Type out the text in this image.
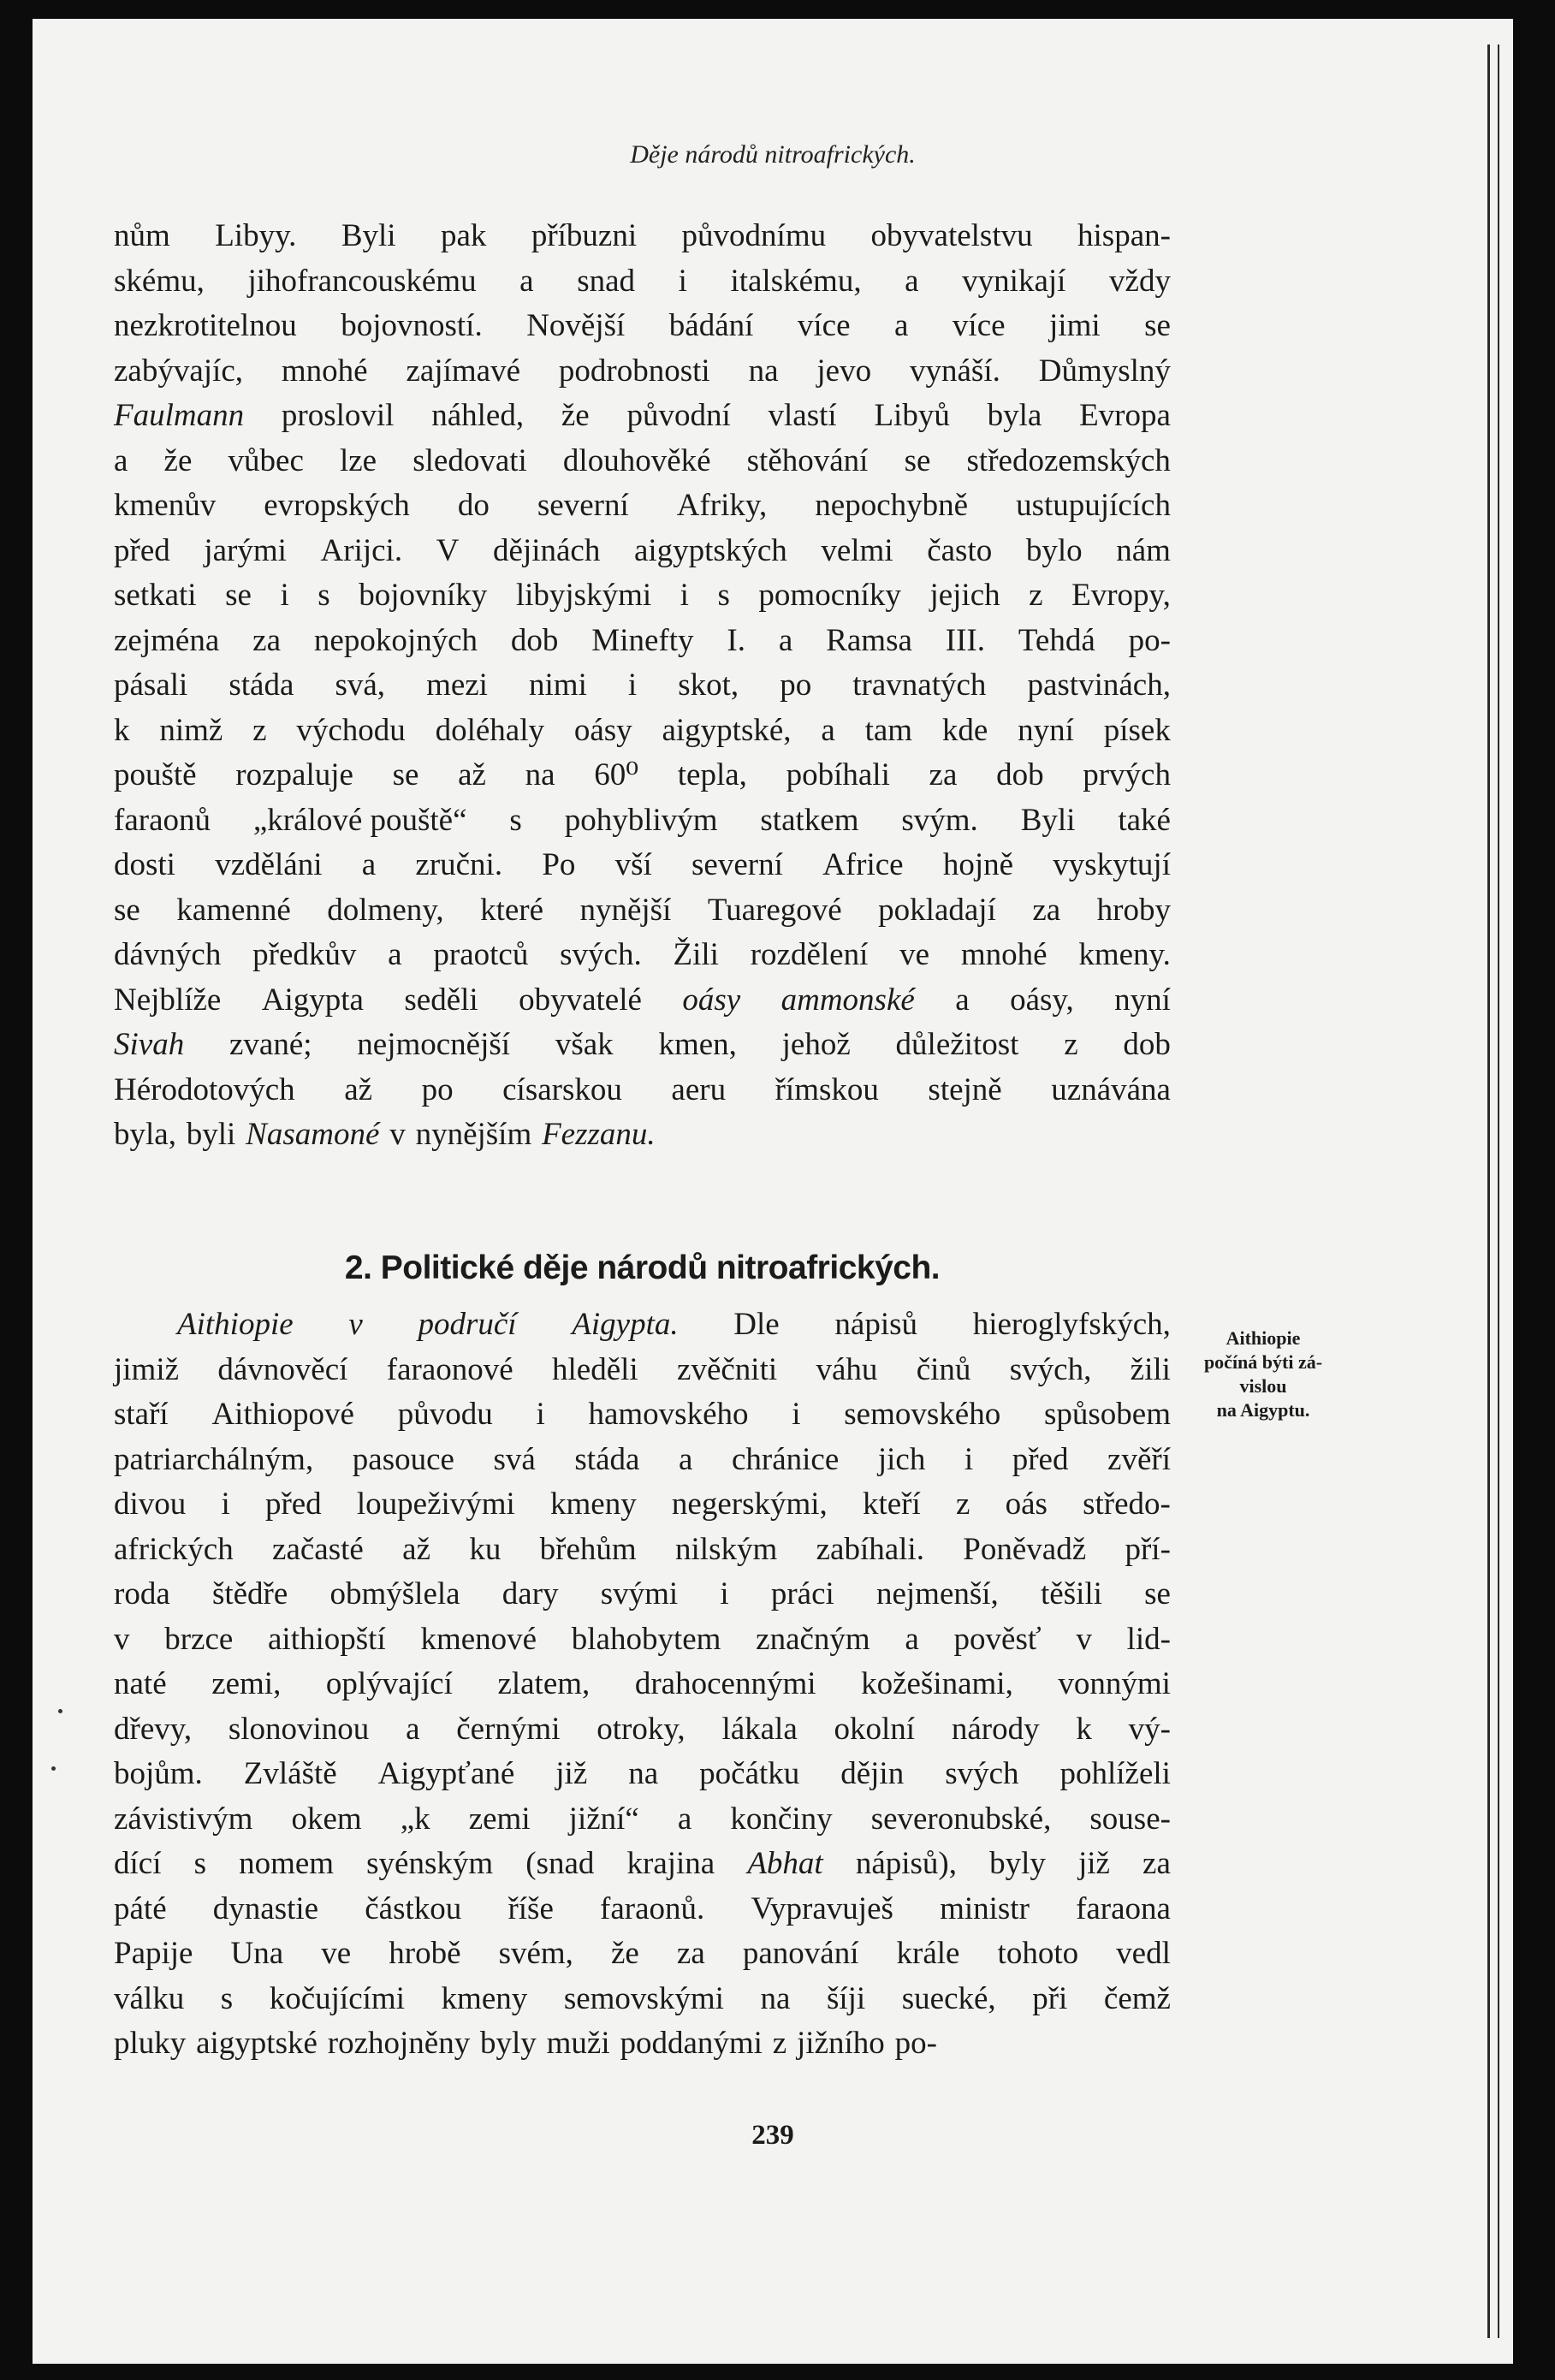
Děje národů nitroafrických.
nům Libyy. Byli pak příbuzni původnímu obyvatelstvu hispan-
skému, jihofrancouskému a snad i italskému, a vynikají vždy
nezkrotitelnou bojovností. Novější bádání více a více jimi se
zabývajíc, mnohé zajímavé podrobnosti na jevo vynáší. Důmyslný
Faulmann proslovil náhled, že původní vlastí Libyů byla Evropa
a že vůbec lze sledovati dlouhověké stěhování se středozemských
kmenův evropských do severní Afriky, nepochybně ustupujících
před jarými Arijci. V dějinách aigyptských velmi často bylo nám
setkati se i s bojovníky libyjskými i s pomocníky jejich z Evropy,
zejména za nepokojných dob Minefty I. a Ramsa III. Tehdá po-
pásali stáda svá, mezi nimi i skot, po travnatých pastvinách,
k nimž z východu doléhaly oásy aigyptské, a tam kde nyní písek
pouště rozpaluje se až na 60⁰ tepla, pobíhali za dob prvých
faraonů „králové pouště“ s pohyblivým statkem svým. Byli také
dosti vzděláni a zručni. Po vší severní Africe hojně vyskytují
se kamenné dolmeny, které nynější Tuaregové pokladají za hroby
dávných předkův a praotců svých. Žili rozdělení ve mnohé kmeny.
Nejblíže Aigypta seděli obyvatelé oásy ammonské a oásy, nyní
Sivah zvané; nejmocnější však kmen, jehož důležitost z dob
Hérodotových až po císarskou aeru římskou stejně uznávána
byla, byli Nasamoné v nynějším Fezzanu.
2. Politické děje národů nitroafrických.
Aithiopie v područí Aigypta. Dle nápisů hieroglyfských,
jimiž dávnověcí faraonové hleděli zvěčniti váhu činů svých, žili
staří Aithiopové původu i hamovského i semovského spůsobem
patriarchálným, pasouce svá stáda a chránice jich i před zvěří
divou i před loupeživými kmeny negerskými, kteří z oás středo-
afrických začasté až ku břehům nilským zabíhali. Poněvadž pří-
roda štědře obmýšlela dary svými i práci nejmenší, těšili se
v brzce aithiopští kmenové blahobytem značným a pověsť v lid-
naté zemi, oplývající zlatem, drahocennými kožešinami, vonnými
dřevy, slonovinou a černými otroky, lákala okolní národy k vý-
bojům. Zvláště Aigypťané již na počátku dějin svých pohlíželi
závistivým okem „k zemi jižní“ a končiny severonubské, souse-
dící s nomem syénským (snad krajina Abhat nápisů), byly již za
páté dynastie částkou říše faraonů. Vypravuješ ministr faraona
Papije Una ve hrobě svém, že za panování krále tohoto vedl
válku s kočujícími kmeny semovskými na šíji suecké, při čemž
pluky aigyptské rozhojněny byly muži poddanými z jižního po-
Aithiopie
počíná býti zá-
vislou
na Aigyptu.
239
